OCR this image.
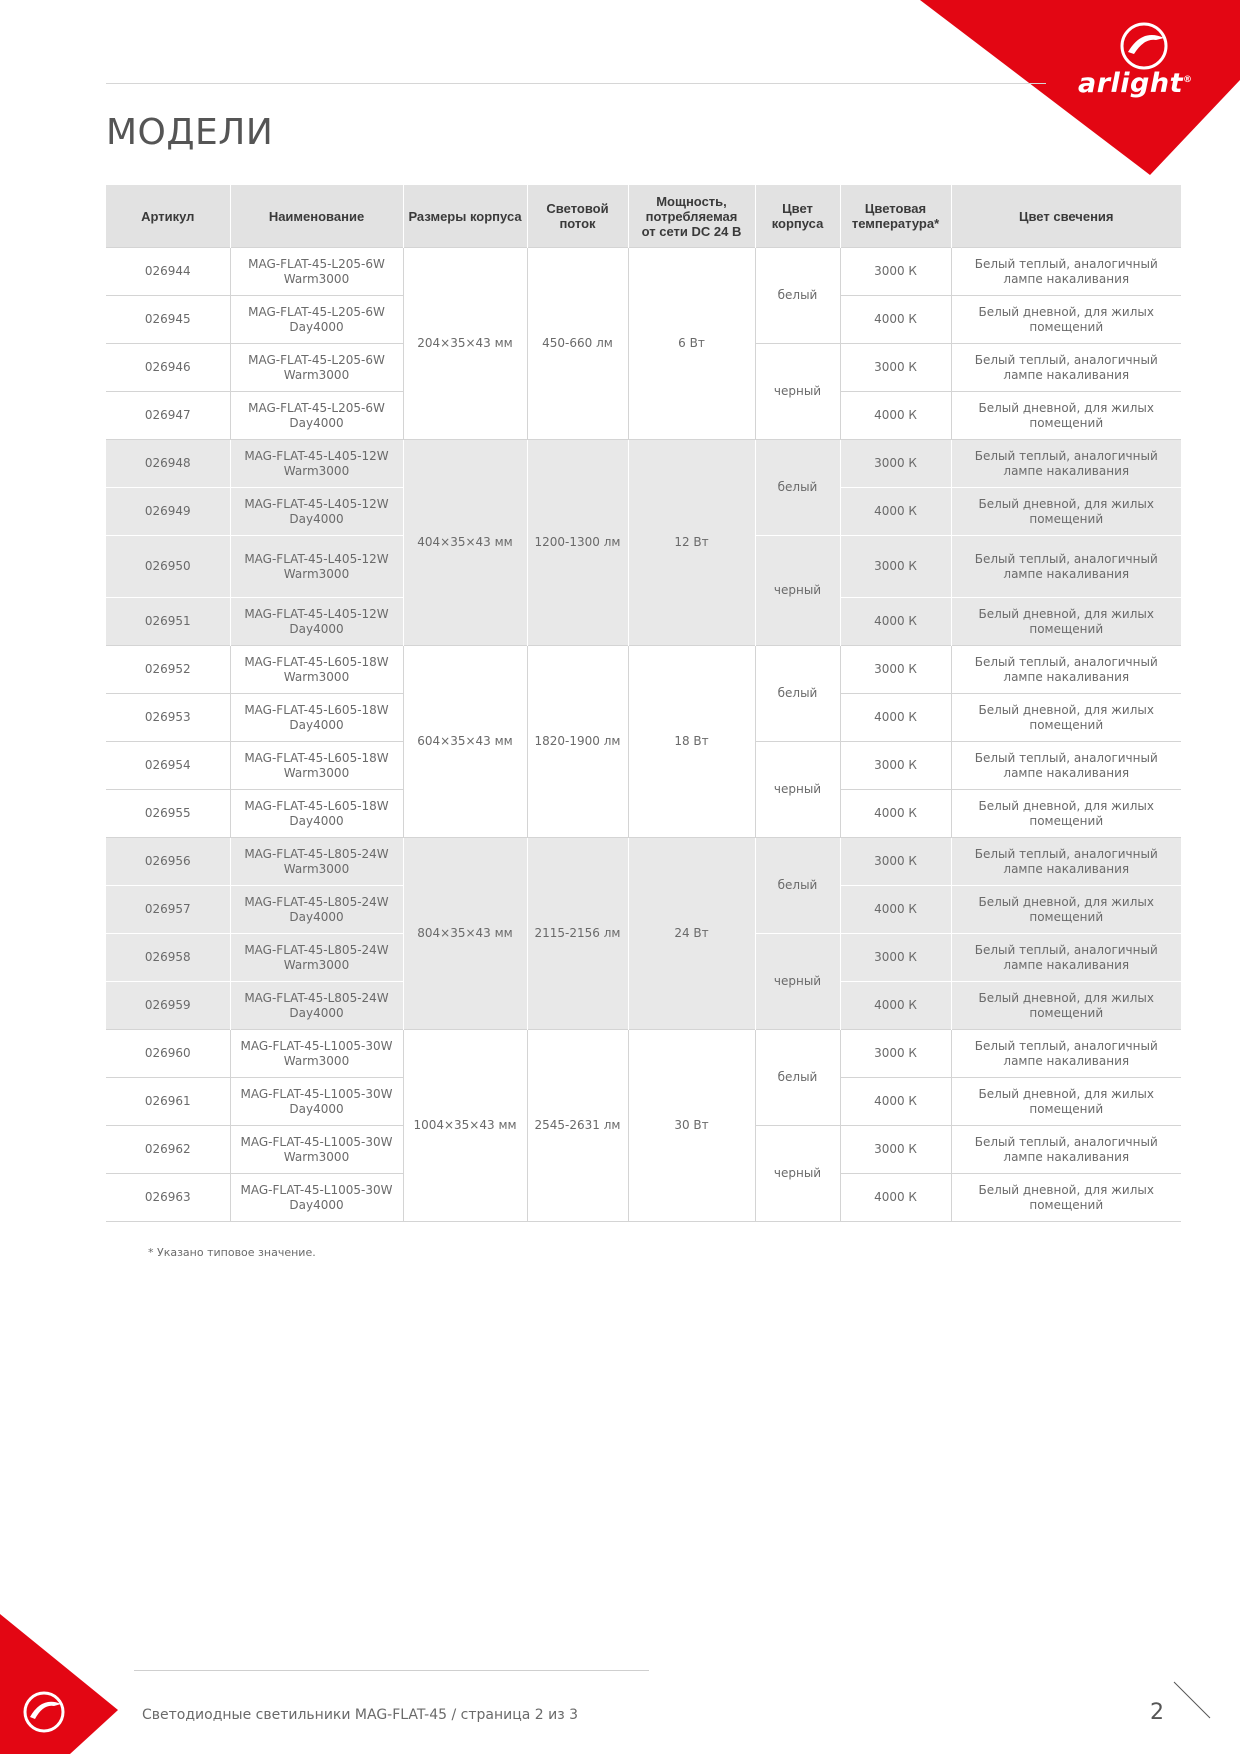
arlight®
МОДЕЛИ
Артикул	Наименование	Размеры корпуса	Световой
поток	Мощность,
потребляемая
от сети DC 24 В	Цвет
корпуса	Цветовая
температура*	Цвет свечения
026944	MAG-FLAT-45-L205-6W
Warm3000	204×35×43 мм	450-660 лм	6 Вт	белый	3000 К	Белый теплый, аналогичный
лампе накаливания
026945	MAG-FLAT-45-L205-6W
Day4000					4000 К	Белый дневной, для жилых
помещений
026946	MAG-FLAT-45-L205-6W
Warm3000				черный	3000 К	Белый теплый, аналогичный
лампе накаливания
026947	MAG-FLAT-45-L205-6W
Day4000					4000 К	Белый дневной, для жилых
помещений
026948	MAG-FLAT-45-L405-12W
Warm3000	404×35×43 мм	1200-1300 лм	12 Вт	белый	3000 К	Белый теплый, аналогичный
лампе накаливания
026949	MAG-FLAT-45-L405-12W
Day4000					4000 К	Белый дневной, для жилых
помещений
026950	MAG-FLAT-45-L405-12W
Warm3000				черный	3000 К	Белый теплый, аналогичный
лампе накаливания
026951	MAG-FLAT-45-L405-12W
Day4000					4000 К	Белый дневной, для жилых
помещений
026952	MAG-FLAT-45-L605-18W
Warm3000	604×35×43 мм	1820-1900 лм	18 Вт	белый	3000 К	Белый теплый, аналогичный
лампе накаливания
026953	MAG-FLAT-45-L605-18W
Day4000					4000 К	Белый дневной, для жилых
помещений
026954	MAG-FLAT-45-L605-18W
Warm3000				черный	3000 К	Белый теплый, аналогичный
лампе накаливания
026955	MAG-FLAT-45-L605-18W
Day4000					4000 К	Белый дневной, для жилых
помещений
026956	MAG-FLAT-45-L805-24W
Warm3000	804×35×43 мм	2115-2156 лм	24 Вт	белый	3000 К	Белый теплый, аналогичный
лампе накаливания
026957	MAG-FLAT-45-L805-24W
Day4000					4000 К	Белый дневной, для жилых
помещений
026958	MAG-FLAT-45-L805-24W
Warm3000				черный	3000 К	Белый теплый, аналогичный
лампе накаливания
026959	MAG-FLAT-45-L805-24W
Day4000					4000 К	Белый дневной, для жилых
помещений
026960	MAG-FLAT-45-L1005-30W
Warm3000	1004×35×43 мм	2545-2631 лм	30 Вт	белый	3000 К	Белый теплый, аналогичный
лампе накаливания
026961	MAG-FLAT-45-L1005-30W
Day4000					4000 К	Белый дневной, для жилых
помещений
026962	MAG-FLAT-45-L1005-30W
Warm3000				черный	3000 К	Белый теплый, аналогичный
лампе накаливания
026963	MAG-FLAT-45-L1005-30W
Day4000					4000 К	Белый дневной, для жилых
помещений
* Указано типовое значение.
Светодиодные светильники MAG-FLAT-45 / страница 2 из 3	2
